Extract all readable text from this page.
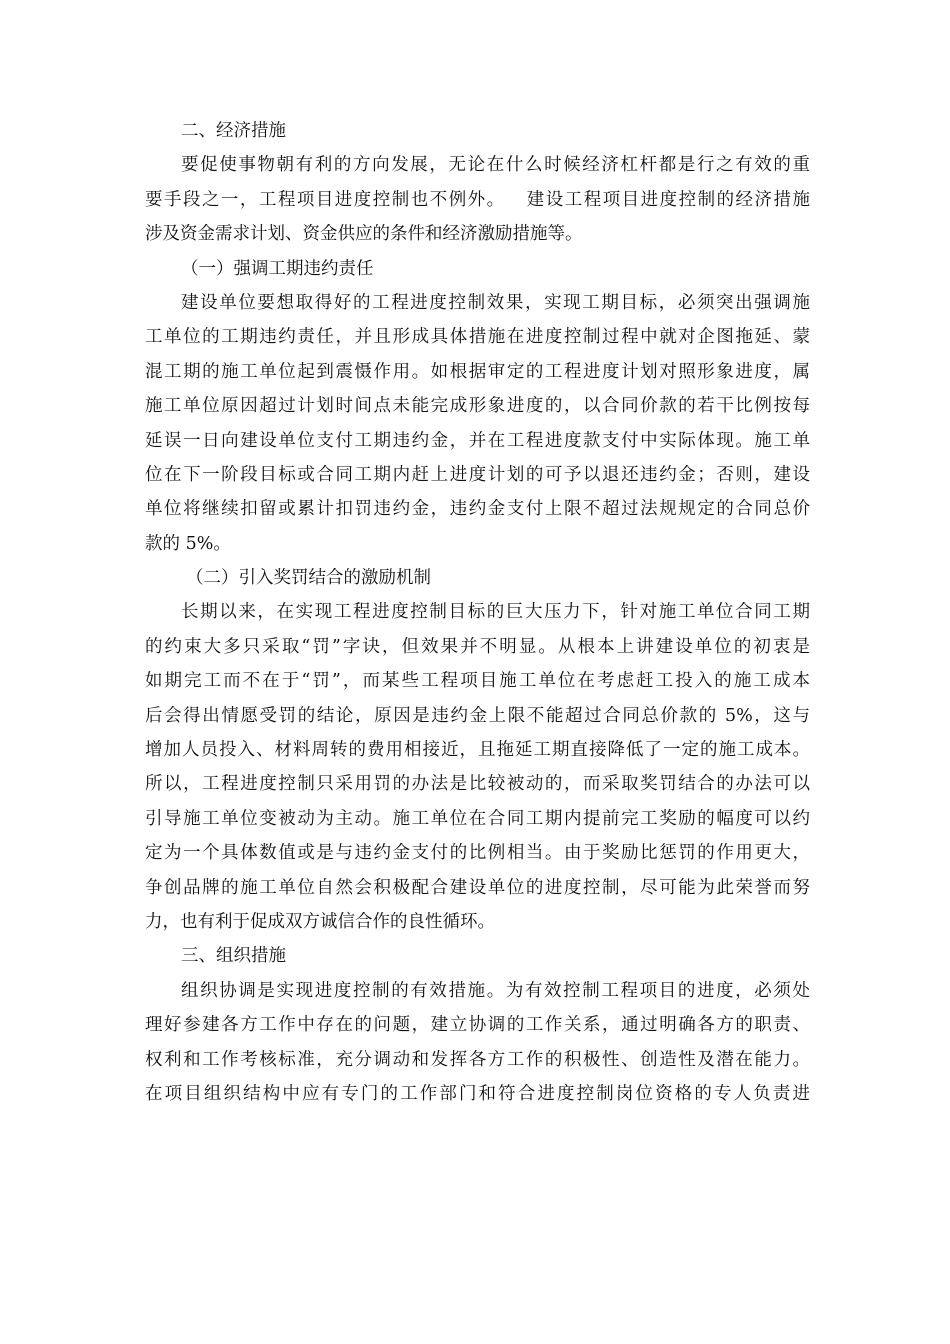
二、经济措施
要促使事物朝有利的方向发展，无论在什么时候经济杠杆都是行之有效的重
要手段之一，工程项目进度控制也不例外。   建设工程项目进度控制的经济措施
涉及资金需求计划、资金供应的条件和经济激励措施等。
（一）强调工期违约责任
建设单位要想取得好的工程进度控制效果，实现工期目标，必须突出强调施
工单位的工期违约责任，并且形成具体措施在进度控制过程中就对企图拖延、蒙
混工期的施工单位起到震慑作用。如根据审定的工程进度计划对照形象进度，属
施工单位原因超过计划时间点未能完成形象进度的，以合同价款的若干比例按每
延误一日向建设单位支付工期违约金，并在工程进度款支付中实际体现。施工单
位在下一阶段目标或合同工期内赶上进度计划的可予以退还违约金；否则，建设
单位将继续扣留或累计扣罚违约金，违约金支付上限不超过法规规定的合同总价
款的 5%。
（二）引入奖罚结合的激励机制
长期以来，在实现工程进度控制目标的巨大压力下，针对施工单位合同工期
的约束大多只采取“罚”字诀，但效果并不明显。从根本上讲建设单位的初衷是
如期完工而不在于“罚”，而某些工程项目施工单位在考虑赶工投入的施工成本
后会得出情愿受罚的结论，原因是违约金上限不能超过合同总价款的 5%，这与
增加人员投入、材料周转的费用相接近，且拖延工期直接降低了一定的施工成本。
所以，工程进度控制只采用罚的办法是比较被动的，而采取奖罚结合的办法可以
引导施工单位变被动为主动。施工单位在合同工期内提前完工奖励的幅度可以约
定为一个具体数值或是与违约金支付的比例相当。由于奖励比惩罚的作用更大，
争创品牌的施工单位自然会积极配合建设单位的进度控制，尽可能为此荣誉而努
力，也有利于促成双方诚信合作的良性循环。
三、组织措施
组织协调是实现进度控制的有效措施。为有效控制工程项目的进度，必须处
理好参建各方工作中存在的问题，建立协调的工作关系，通过明确各方的职责、
权利和工作考核标准，充分调动和发挥各方工作的积极性、创造性及潜在能力。
在项目组织结构中应有专门的工作部门和符合进度控制岗位资格的专人负责进
